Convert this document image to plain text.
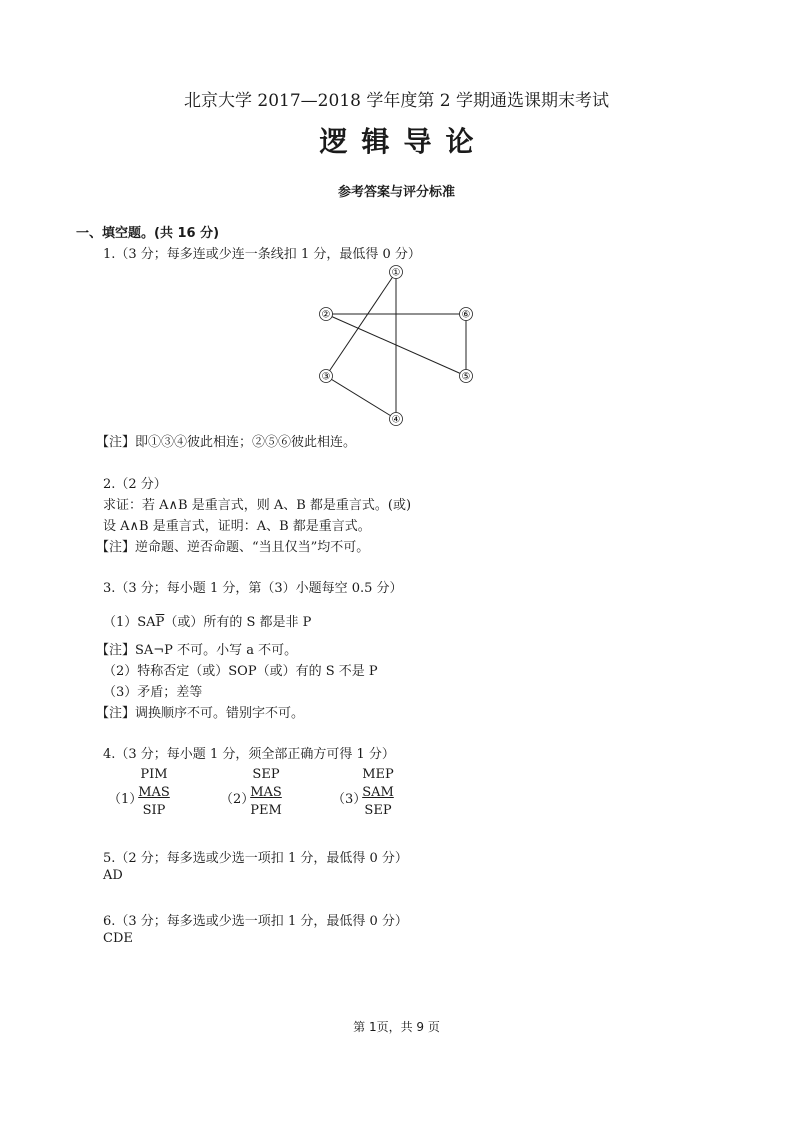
北京大学 2017—2018 学年度第 2 学期通选课期末考试
逻辑导论
参考答案与评分标准
一、填空题。(共 16 分)
1.（3 分；每多连或少连一条线扣 1 分，最低得 0 分）
①
②
③
④
⑤
⑥
【注】即①③④彼此相连；②⑤⑥彼此相连。
2.（2 分）
求证：若 A∧B 是重言式，则 A、B 都是重言式。(或)
设 A∧B 是重言式，证明：A、B 都是重言式。
【注】逆命题、逆否命题、“当且仅当”均不可。
3.（3 分；每小题 1 分，第（3）小题每空 0.5 分）
$(1)SA\overline{P}$（或）所有的 S 都是非 P
【注】SA¬P 不可。小写 a 不可。
（2）特称否定（或）SOP（或）有的 S 不是 P
（3）矛盾；差等
【注】调换顺序不可。错别字不可。
4.（3 分；每小题 1 分，须全部正确方可得 1 分）
（1）
PIM
MAS
SIP
（2）
SEP
MAS
PEM
（3）
MEP
SAM
SEP
5.（2 分；每多选或少选一项扣 1 分，最低得 0 分）
AD
6.（3 分；每多选或少选一项扣 1 分，最低得 0 分）
CDE
第 1页，共 9 页
